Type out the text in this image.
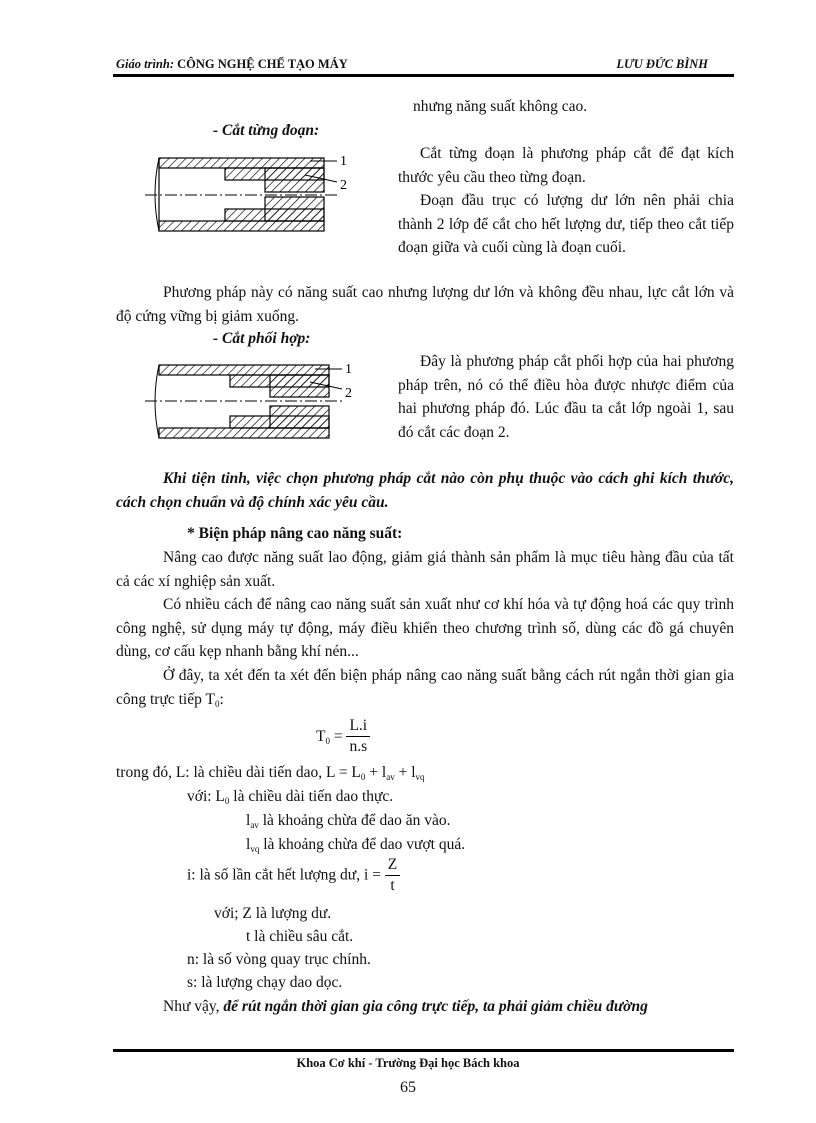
Giáo trình: CÔNG NGHỆ CHẾ TẠO MÁY	LƯU ĐỨC BÌNH
nhưng năng suất không cao.
- Cắt từng đoạn:
1
2
Cắt từng đoạn là phương pháp cắt để đạt kích thước yêu cầu theo từng đoạn.
Đoạn đầu trục có lượng dư lớn nên phải chia thành 2 lớp để cắt cho hết lượng dư, tiếp theo cắt tiếp đoạn giữa và cuối cùng là đoạn cuối.
Phương pháp này có năng suất cao nhưng lượng dư lớn và không đều nhau, lực cắt lớn và độ cứng vững bị giảm xuống.
- Cắt phối hợp:
1
2
Đây là phương pháp cắt phối hợp của hai phương pháp trên, nó có thể điều hòa được nhược điểm của hai phương pháp đó. Lúc đầu ta cắt lớp ngoài 1, sau đó cắt các đoạn 2.
Khi tiện tinh, việc chọn phương pháp cắt nào còn phụ thuộc vào cách ghi kích thước, cách chọn chuẩn và độ chính xác yêu cầu.
* Biện pháp nâng cao năng suất:
Nâng cao được năng suất lao động, giảm giá thành sản phẩm là mục tiêu hàng đầu của tất cả các xí nghiệp sản xuất.
Có nhiều cách để nâng cao năng suất sản xuất như cơ khí hóa và tự động hoá các quy trình công nghệ, sử dụng máy tự động, máy điều khiển theo chương trình số, dùng các đồ gá chuyên dùng, cơ cấu kẹp nhanh bằng khí nén...
Ở đây, ta xét đến ta xét đến biện pháp nâng cao năng suất bằng cách rút ngắn thời gian gia công trực tiếp $T_0$:
$T_0 = \frac{L.i}{n.s}$
trong đó, L: là chiều dài tiến dao, $L = L_0 + l_{av} + l_{vq}$
với: $L_0$ là chiều dài tiến dao thực.
$l_{av}$ là khoảng chừa để dao ăn vào.
$l_{vq}$ là khoảng chừa để dao vượt quá.
i: là số lần cắt hết lượng dư, $i = \frac{Z}{t}$
với; Z là lượng dư.
t là chiều sâu cắt.
n: là số vòng quay trục chính.
s: là lượng chạy dao dọc.
Như vậy, để rút ngắn thời gian gia công trực tiếp, ta phải giảm chiều đường
Khoa Cơ khí - Trường Đại học Bách khoa
65
